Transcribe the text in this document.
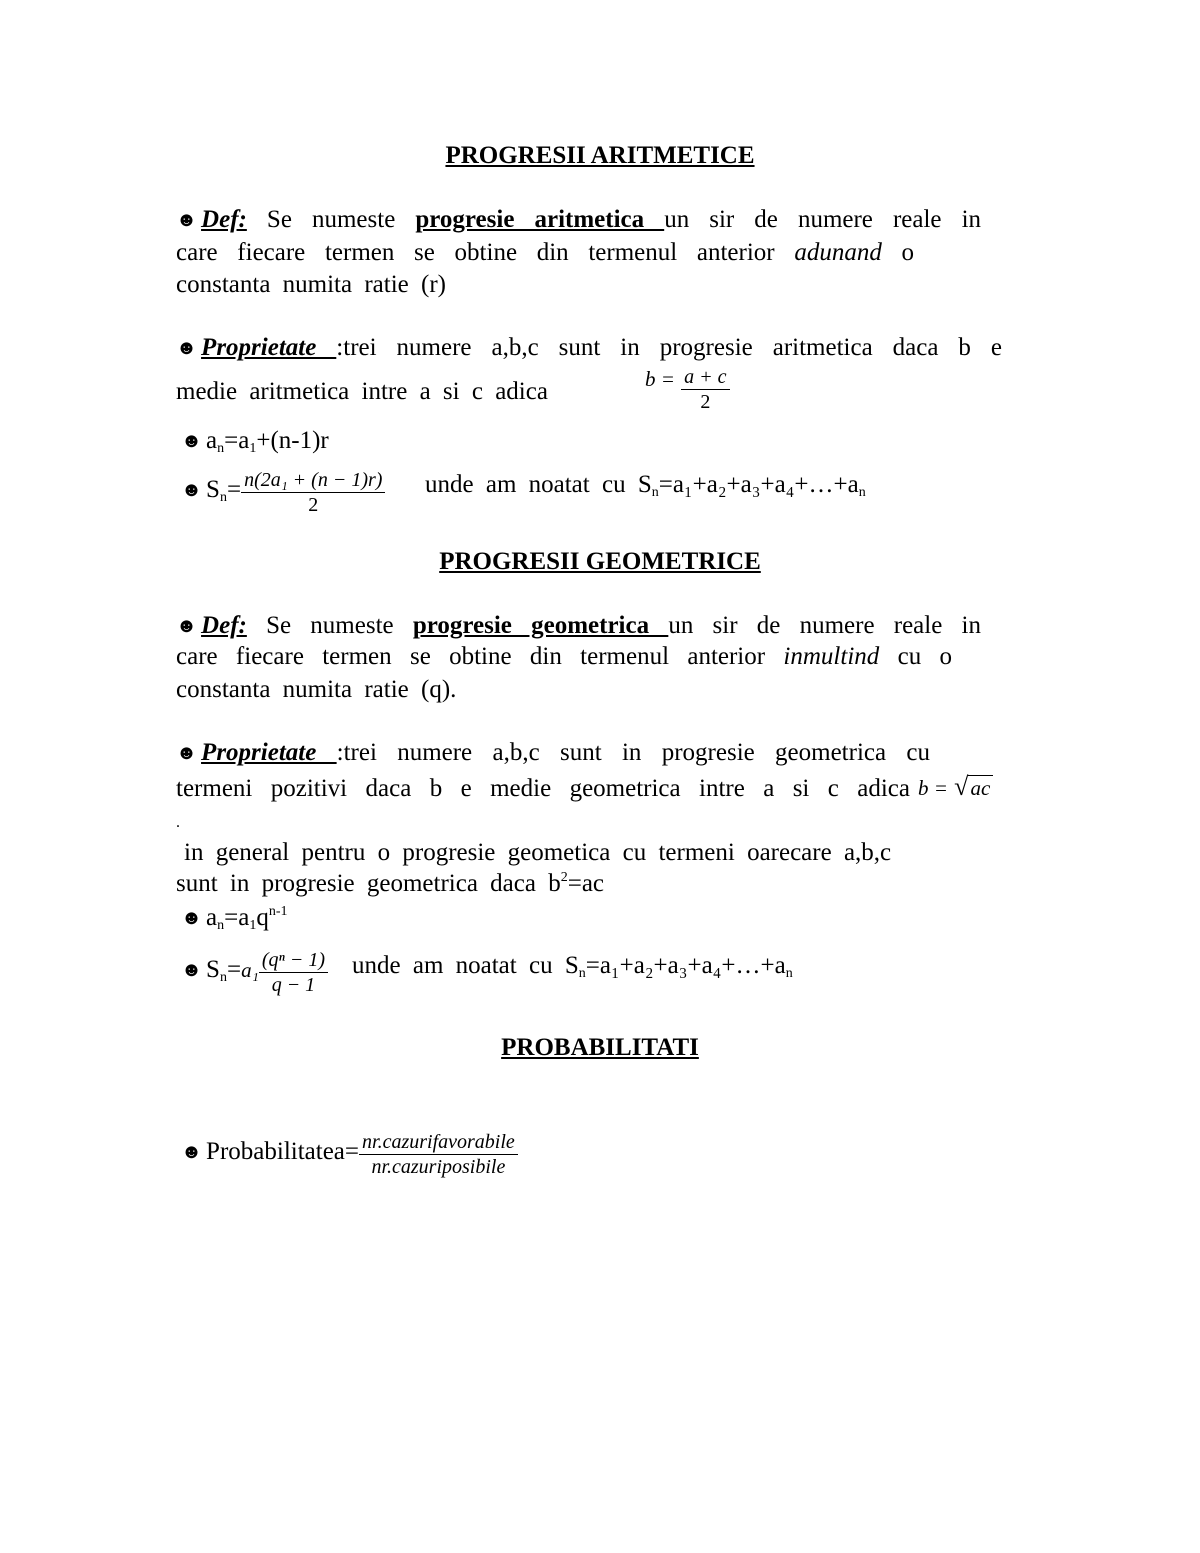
PROGRESII ARITMETICE
☻ Def: Se numeste progresie aritmetica un sir de numere reale in
care fiecare termen se obtine din termenul anterior adunand o
constanta numita ratie (r)
☻ Proprietate :trei numere a,b,c sunt in progresie aritmetica daca b e
medie aritmetica intre a si c adica	$b = \frac{a + c}{2}$
☻ $a_n=a_1+(n-1)r$
☻ $S_n= \frac{\text{n(2a₁ + (n − 1)r)}}{2}$ unde am noatat cu $S_n=a_1+a_2+a_3+a_4+\dots+a_n$
PROGRESII GEOMETRICE
☻ Def: Se numeste progresie geometrica un sir de numere reale in
care fiecare termen se obtine din termenul anterior inmultind cu o
constanta numita ratie (q).
☻ Proprietate :trei numere a,b,c sunt in progresie geometrica cu
termeni pozitivi daca b e medie geometrica intre a si c adica b = √ac
.
in general pentru o progresie geometica cu termeni oarecare a,b,c
sunt in progresie geometrica daca $b^2=ac$
☻ $a_n=a_1q^{n-1}$
☻ $S_n=a_1 \frac{\text{(qⁿ − 1)}}{q - 1}$ unde am noatat cu $S_n=a_1+a_2+a_3+a_4+\dots+a_n$
PROBABILITATI
☻ Probabilitatea= $\frac{\text{nr.cazurifavorabile}}{\text{nr.cazuriposibile}}$
